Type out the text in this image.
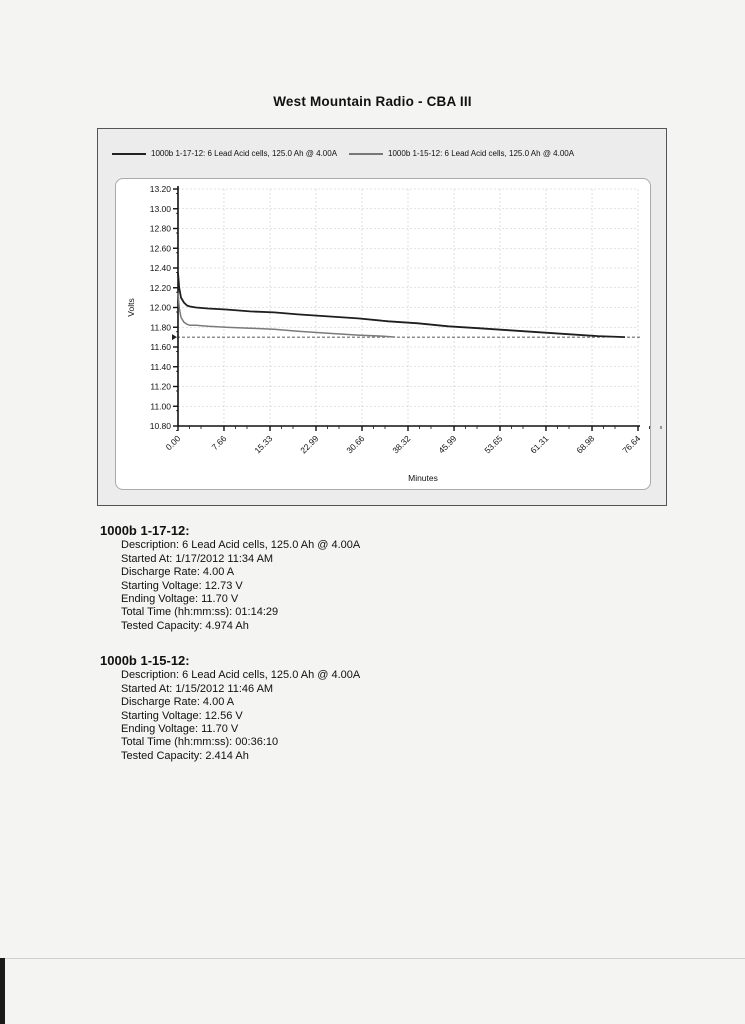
West Mountain Radio - CBA III
1000b 1-17-12: 6 Lead Acid cells, 125.0 Ah @ 4.00A	1000b 1-15-12: 6 Lead Acid cells, 125.0 Ah @ 4.00A
13.20
13.00
12.80
12.60
12.40
12.20
12.00
11.80
11.60
11.40
11.20
11.00
10.80
0.00	7.66	15.33	22.99	30.66	38.32	45.99	53.65	61.31	68.98	76.64
Minutes
Volts
1000b 1-17-12:
Description: 6 Lead Acid cells, 125.0 Ah @ 4.00A
Started At: 1/17/2012 11:34 AM
Discharge Rate: 4.00 A
Starting Voltage: 12.73 V
Ending Voltage: 11.70 V
Total Time (hh:mm:ss): 01:14:29
Tested Capacity: 4.974 Ah
1000b 1-15-12:
Description: 6 Lead Acid cells, 125.0 Ah @ 4.00A
Started At: 1/15/2012 11:46 AM
Discharge Rate: 4.00 A
Starting Voltage: 12.56 V
Ending Voltage: 11.70 V
Total Time (hh:mm:ss): 00:36:10
Tested Capacity: 2.414 Ah
